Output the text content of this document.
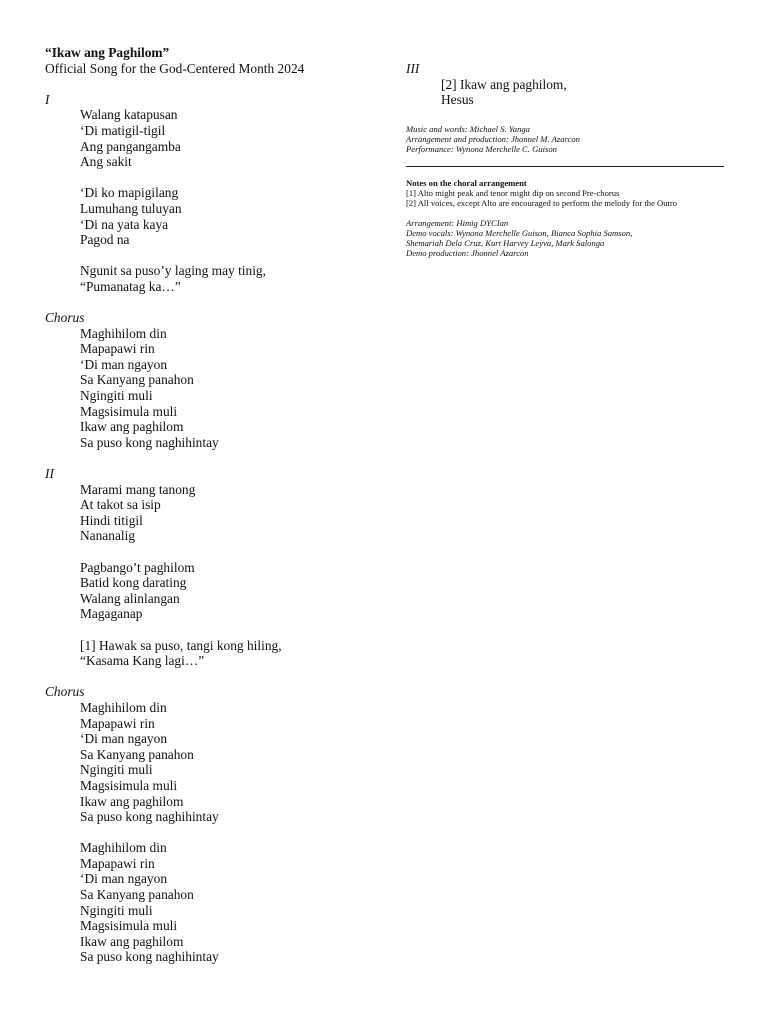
“Ikaw ang Paghilom”
Official Song for the God-Centered Month 2024
I
Walang katapusan
‘Di matigil-tigil
Ang pangangamba
Ang sakit
‘Di ko mapigilang
Lumuhang tuluyan
‘Di na yata kaya
Pagod na
Ngunit sa puso’y laging may tinig,
“Pumanatag ka…”
Chorus
Maghihilom din
Mapapawi rin
‘Di man ngayon
Sa Kanyang panahon
Ngingiti muli
Magsisimula muli
Ikaw ang paghilom
Sa puso kong naghihintay
II
Marami mang tanong
At takot sa isip
Hindi titigil
Nananalig
Pagbango’t paghilom
Batid kong darating
Walang alinlangan
Magaganap
[1] Hawak sa puso, tangi kong hiling,
“Kasama Kang lagi…”
Chorus
Maghihilom din
Mapapawi rin
‘Di man ngayon
Sa Kanyang panahon
Ngingiti muli
Magsisimula muli
Ikaw ang paghilom
Sa puso kong naghihintay
Maghihilom din
Mapapawi rin
‘Di man ngayon
Sa Kanyang panahon
Ngingiti muli
Magsisimula muli
Ikaw ang paghilom
Sa puso kong naghihintay
III
[2] Ikaw ang paghilom,
Hesus
Music and words: Michael S. Yanga
Arrangement and production: Jhonnel M. Azarcon
Performance: Wynona Merchelle C. Guison
Notes on the choral arrangement
[1] Alto might peak and tenor might dip on second Pre-chorus
[2] All voices, except Alto are encouraged to perform the melody for the Outro
Arrangement: Himig DYCIan
Demo vocals: Wynona Merchelle Guison, Bianca Sophia Samson,
Shemariah Dela Cruz, Kurt Harvey Leyva, Mark Salonga
Demo production: Jhonnel Azarcon
